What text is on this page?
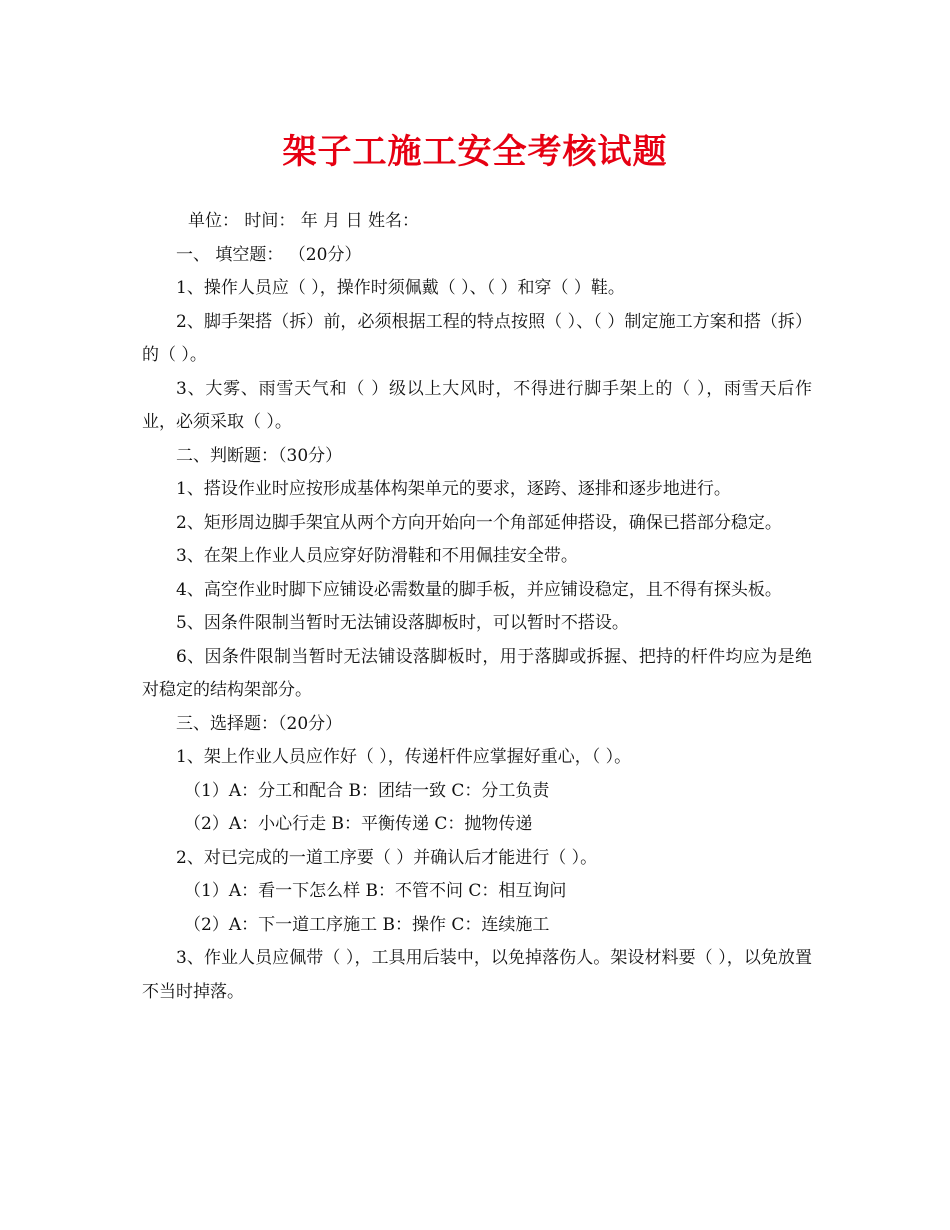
架子工施工安全考核试题

单位： 时间： 年 月 日 姓名：

一、 填空题： （20分）

1、操作人员应（ ），操作时须佩戴（ ）、（ ）和穿（ ）鞋。

2、脚手架搭（拆）前，必须根据工程的特点按照（ ）、（ ）制定施工方案和搭（拆）的（ ）。

3、大雾、雨雪天气和（ ）级以上大风时，不得进行脚手架上的（ ），雨雪天后作业，必须采取（ ）。

二、判断题：（30分）

1、搭设作业时应按形成基体构架单元的要求，逐跨、逐排和逐步地进行。

2、矩形周边脚手架宜从两个方向开始向一个角部延伸搭设，确保已搭部分稳定。

3、在架上作业人员应穿好防滑鞋和不用佩挂安全带。

4、高空作业时脚下应铺设必需数量的脚手板，并应铺设稳定，且不得有探头板。

5、因条件限制当暂时无法铺设落脚板时，可以暂时不搭设。

6、因条件限制当暂时无法铺设落脚板时，用于落脚或拆握、把持的杆件均应为是绝对稳定的结构架部分。

三、选择题：（20分）

1、架上作业人员应作好（ ），传递杆件应掌握好重心，（ ）。

（1）A：分工和配合 B：团结一致 C：分工负责

（2）A：小心行走 B：平衡传递 C：抛物传递

2、对已完成的一道工序要（ ）并确认后才能进行（ ）。

（1）A：看一下怎么样 B：不管不问 C：相互询问

（2）A：下一道工序施工 B：操作 C：连续施工

3、作业人员应佩带（ ），工具用后装中，以免掉落伤人。架设材料要（ ），以免放置不当时掉落。
